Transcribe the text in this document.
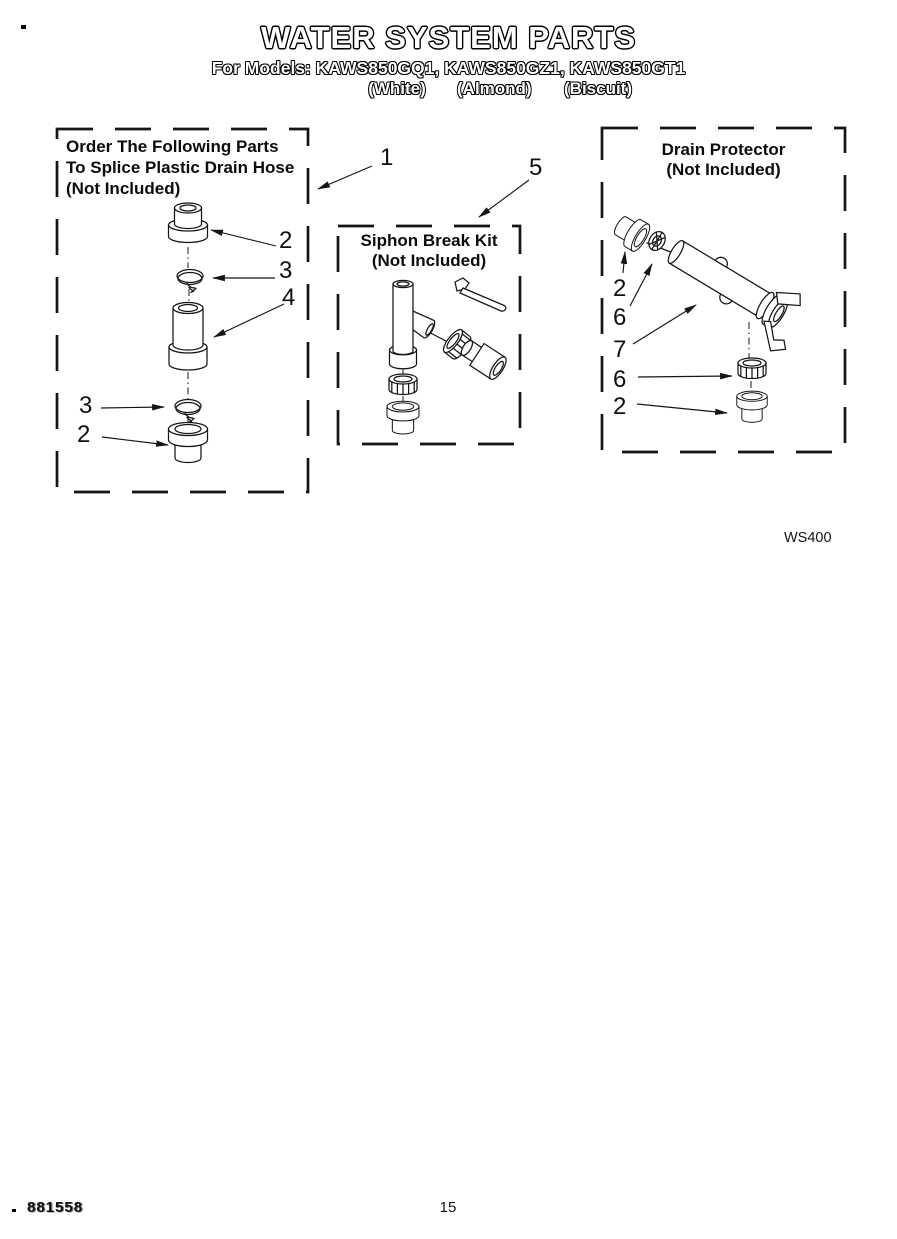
WATER SYSTEM PARTS
For Models: KAWS850GQ1, KAWS850GZ1, KAWS850GT1
(White) (Almond) (Biscuit)
Order The Following Parts
To Splice Plastic Drain Hose
(Not Included)
Siphon Break Kit
(Not Included)
Drain Protector
(Not Included)
1	5
2
3
4
3
2
2
6
7
6
2
WS400
881558	15
